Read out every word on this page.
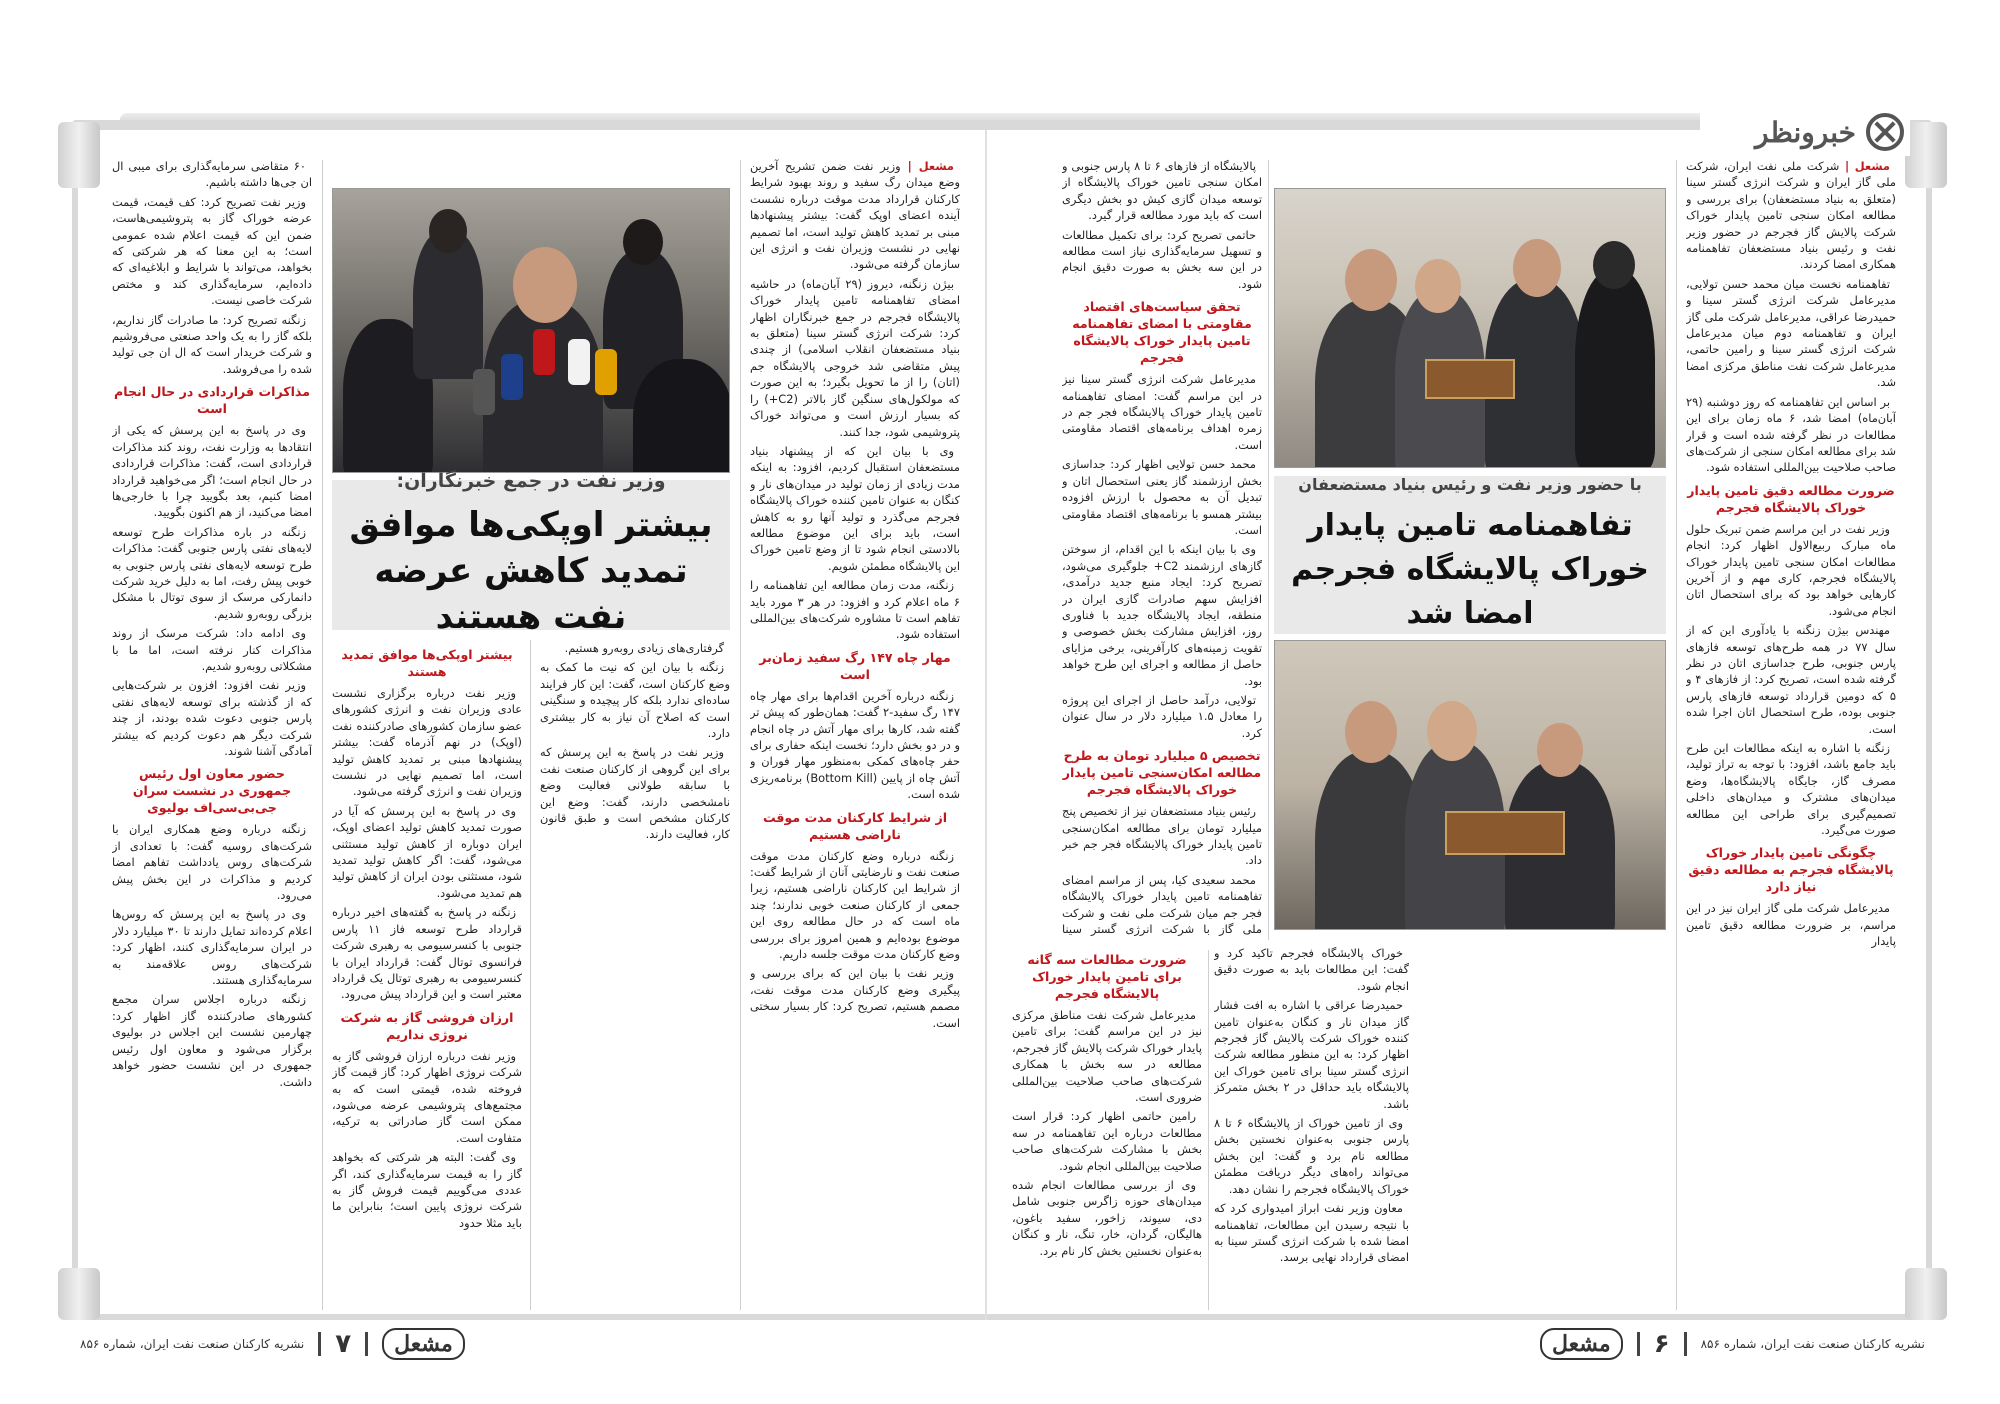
خبرونظر

۶۰ متقاضی سرمایه‌گذاری برای میبی ال ان جی‌ها داشته باشیم.

وزیر نفت تصریح کرد: کف قیمت، قیمت عرضه خوراک گاز به پتروشیمی‌هاست، ضمن این که قیمت اعلام شده عمومی است؛ به این معنا که هر شرکتی که بخواهد، می‌تواند با شرایط و ابلاغیه‌ای که داده‌ایم، سرمایه‌گذاری کند و مختص شرکت خاصی نیست.

زنگنه تصریح کرد: ما صادرات گاز نداریم، بلکه گاز را به یک واحد صنعتی می‌فروشیم و شرکت خریدار است که ال ان جی تولید شده را می‌فروشد.

مذاکرات قراردادی در حال انجام است

وی در پاسخ به این پرسش که یکی از انتقادها به وزارت نفت، روند کند مذاکرات قراردادی است، گفت: مذاکرات قراردادی در حال انجام است؛ اگر می‌خواهید قرارداد امضا کنیم، بعد بگویید چرا با خارجی‌ها امضا می‌کنید، از هم اکنون بگویید.

زنگنه در باره مذاکرات طرح توسعه لایه‌های نفتی پارس جنوبی گفت: مذاکرات طرح توسعه لایه‌های نفتی پارس جنوبی به خوبی پیش رفت، اما به دلیل خرید شرکت دانمارکی مرسک از سوی توتال با مشکل بزرگی روبه‌رو شدیم.

وی ادامه داد: شرکت مرسک از روند مذاکرات کنار نرفته است، اما ما با مشکلاتی روبه‌رو شدیم.

وزیر نفت افزود: افزون بر شرکت‌هایی که از گذشته برای توسعه لایه‌های نفتی پارس جنوبی دعوت شده بودند، از چند شرکت دیگر هم دعوت کردیم که بیشتر آمادگی آشنا شوند.

حضور معاون اول رئیس جمهوری در نشست سران جی‌بی‌سی‌اف بولیوی

زنگنه درباره وضع همکاری ایران با شرکت‌های روسیه گفت: با تعدادی از شرکت‌های روس یادداشت تفاهم امضا کردیم و مذاکرات در این بخش پیش می‌رود.

وی در پاسخ به این پرسش که روس‌ها اعلام کرده‌اند تمایل دارند تا ۳۰ میلیارد دلار در ایران سرمایه‌گذاری کنند، اظهار کرد: شرکت‌های روس علاقه‌مند به سرمایه‌گذاری هستند.

زنگنه درباره اجلاس سران مجمع کشورهای صادرکننده گاز اظهار کرد: چهارمین نشست این اجلاس در بولیوی برگزار می‌شود و معاون اول رئیس جمهوری در این نشست حضور خواهد داشت.

وزیر نفت در جمع خبرنگاران:
بیشتر اوپکی‌ها موافق تمدید کاهش عرضه نفت هستند
بیشتر اوپکی‌ها موافق تمدید هستند

وزیر نفت درباره برگزاری نشست عادی وزیران نفت و انرژی کشورهای عضو سازمان کشورهای صادرکننده نفت (اوپک) در نهم آذرماه گفت: بیشتر پیشنهادها مبنی بر تمدید کاهش تولید است، اما تصمیم نهایی در نشست وزیران نفت و انرژی گرفته می‌شود.

وی در پاسخ به این پرسش که آیا در صورت تمدید کاهش تولید اعضای اوپک، ایران دوباره از کاهش تولید مستثنی می‌شود، گفت: اگر کاهش تولید تمدید شود، مستثنی بودن ایران از کاهش تولید هم تمدید می‌شود.

زنگنه در پاسخ به گفته‌های اخیر درباره قرارداد طرح توسعه فاز ۱۱ پارس جنوبی با کنسرسیومی به رهبری شرکت فرانسوی توتال گفت: قرارداد ایران با کنسرسیومی به رهبری توتال یک قرارداد معتبر است و این قرارداد پیش می‌رود.

ارزان فروشی گاز به شرکت نروژی نداریم

وزیر نفت درباره ارزان فروشی گاز به شرکت نروژی اظهار کرد: گاز قیمت گاز فروخته شده، قیمتی است که به مجتمع‌های پتروشیمی عرضه می‌شود، ممکن است گاز صادراتی به ترکیه، متفاوت است.

وی گفت: البته هر شرکتی که بخواهد گاز را به قیمت سرمایه‌گذاری کند، اگر عددی می‌گوییم قیمت فروش گاز به شرکت نروژی پایین است؛ بنابراین ما باید مثلا حدود

گرفتاری‌های زیادی روبه‌رو هستیم.

زنگنه با بیان این که نیت ما کمک به وضع کارکنان است، گفت: این کار فرایند ساده‌ای ندارد بلکه کار پیچیده و سنگینی است که اصلاح آن نیاز به کار بیشتری دارد.

وزیر نفت در پاسخ به این پرسش که برای این گروهی از کارکنان صنعت نفت با سابقه طولانی فعالیت وضع نامشخصی دارند، گفت: وضع این کارکنان مشخص است و طبق قانون کار، فعالیت دارند.

مشعل | وزیر نفت ضمن تشریح آخرین وضع میدان رگ سفید و روند بهبود شرایط کارکنان قرارداد مدت موقت درباره نشست آینده اعضای اوپک گفت: بیشتر پیشنهادها مبنی بر تمدید کاهش تولید است، اما تصمیم نهایی در نشست وزیران نفت و انرژی این سازمان گرفته می‌شود.

بیژن زنگنه، دیروز (۲۹ آبان‌ماه) در حاشیه امضای تفاهمنامه تامین پایدار خوراک پالایشگاه فجرجم در جمع خبرنگاران اظهار کرد: شرکت انرژی گستر سینا (متعلق به بنیاد مستضعفان انقلاب اسلامی) از چندی پیش متقاضی شد خروجی پالایشگاه جم (اتان) را از ما تحویل بگیرد؛ به این صورت که مولکول‌های سنگین گاز بالاتر (C2+) را که بسیار ارزش است و می‌تواند خوراک پتروشیمی شود، جدا کنند.

وی با بیان این که از پیشنهاد بنیاد مستضعفان استقبال کردیم، افزود: به اینکه مدت زیادی از زمان تولید در میدان‌های نار و کنگان به عنوان تامین کننده خوراک پالایشگاه فجرجم می‌گذرد و تولید آنها رو به کاهش است، باید برای این موضوع مطالعه بالادستی انجام شود تا از وضع تامین خوراک این پالایشگاه مطمئن شویم.

زنگنه، مدت زمان مطالعه این تفاهمنامه را ۶ ماه اعلام کرد و افزود: در هر ۳ مورد باید تفاهم است تا مشاوره شرکت‌های بین‌المللی استفاده شود.

مهار چاه ۱۴۷ رگ سفید زمان‌بر است

زنگنه درباره آخرین اقدام‌ها برای مهار چاه ۱۴۷ رگ سفید-۲ گفت: همان‌طور که پیش تر گفته شد، کارها برای مهار آتش در چاه انجام و در دو بخش دارد؛ نخست اینکه حفاری برای حفر چاه‌های کمکی به‌منظور مهار فوران و آتش چاه از پایین (Bottom Kill) برنامه‌ریزی شده است.

از شرایط کارکنان مدت موقت ناراضی هستیم

زنگنه درباره وضع کارکنان مدت موقت صنعت نفت و نارضایتی آنان از شرایط گفت: از شرایط این کارکنان ناراضی هستیم، زیرا جمعی از کارکنان صنعت خوبی ندارند؛ چند ماه است که در حال مطالعه روی این موضوع بوده‌ایم و همین امروز برای بررسی وضع کارکنان مدت موقت جلسه داریم.

وزیر نفت با بیان این که برای بررسی و پیگیری وضع کارکنان مدت موقت نفت، مصمم هستیم، تصریح کرد: کار بسیار سختی است.

ضرورت مطالعات سه گانه برای تامین پایدار خوراک پالایشگاه فجرجم

مدیرعامل شرکت نفت مناطق مرکزی نیز در این مراسم گفت: برای تامین پایدار خوراک شرکت پالایش گاز فجرجم، مطالعه در سه بخش با همکاری شرکت‌های صاحب صلاحیت بین‌المللی ضروری است.

رامین حاتمی اظهار کرد: قرار است مطالعات درباره این تفاهمنامه در سه بخش با مشارکت شرکت‌های صاحب صلاحیت بین‌المللی انجام شود.

وی از بررسی مطالعات انجام شده میدان‌های حوزه زاگرس جنوبی شامل دی، سیوند، زاخور، سفید باغون، هالیگان، گردان، خار، تنگ، نار و کنگان به‌عنوان نخستین بخش کار نام برد.

خوراک پالایشگاه فجرجم تاکید کرد و گفت: این مطالعات باید به صورت دقیق انجام شود.

حمیدرضا عراقی با اشاره به افت فشار گاز میدان نار و کنگان به‌عنوان تامین کننده خوراک شرکت پالایش گاز فجرجم اظهار کرد: به این منظور مطالعه شرکت انرژی گستر سینا برای تامین خوراک این پالایشگاه باید حداقل در ۲ بخش متمرکز باشد.

وی از تامین خوراک از پالایشگاه ۶ تا ۸ پارس جنوبی به‌عنوان نخستین بخش مطالعه نام برد و گفت: این بخش می‌تواند راه‌های دیگر دریافت مطمئن خوراک پالایشگاه فجرجم را نشان دهد.

معاون وزیر نفت ابراز امیدواری کرد که با نتیجه رسیدن این مطالعات، تفاهمنامه امضا شده با شرکت انرژی گستر سینا به امضای قرارداد نهایی برسد.

با حضور وزیر نفت و رئیس بنیاد مستضعفان
تفاهمنامه تامین پایدار خوراک پالایشگاه فجرجم امضا شد

پالایشگاه از فازهای ۶ تا ۸ پارس جنوبی و امکان سنجی تامین خوراک پالایشگاه از توسعه میدان گازی کیش دو بخش دیگری است که باید مورد مطالعه قرار گیرد.

حاتمی تصریح کرد: برای تکمیل مطالعات و تسهیل سرمایه‌گذاری نیاز است مطالعه در این سه بخش به صورت دقیق انجام شود.

تحقق سیاست‌های اقتصاد مقاومتی با امضای تفاهمنامه تامین پایدار خوراک پالایشگاه فجرجم

مدیرعامل شرکت انرژی گستر سینا نیز در این مراسم گفت: امضای تفاهمنامه تامین پایدار خوراک پالایشگاه فجر جم در زمره اهداف برنامه‌های اقتصاد مقاومتی است.

محمد حسن تولایی اظهار کرد: جداسازی بخش ارزشمند گاز یعنی استحصال اتان و تبدیل آن به محصول با ارزش افزوده بیشتر همسو با برنامه‌های اقتصاد مقاومتی است.

وی با بیان اینکه با این اقدام، از سوختن گازهای ارزشمند C2+ جلوگیری می‌شود، تصریح کرد: ایجاد منبع جدید درآمدی، افزایش سهم صادرات گازی ایران در منطقه، ایجاد پالایشگاه جدید با فناوری روز، افزایش مشارکت بخش خصوصی و تقویت زمینه‌های کارآفرینی، برخی مزایای حاصل از مطالعه و اجرای این طرح خواهد بود.

تولایی، درآمد حاصل از اجرای این پروژه را معادل ۱.۵ میلیارد دلار در سال عنوان کرد.

تخصیص ۵ میلیارد تومان به طرح مطالعه امکان‌سنجی تامین پایدار خوراک پالایشگاه فجرجم

رئیس بنیاد مستضعفان نیز از تخصیص پنج میلیارد تومان برای مطالعه امکان‌سنجی تامین پایدار خوراک پالایشگاه فجر جم خبر داد.

محمد سعیدی کیا، پس از مراسم امضای تفاهمنامه تامین پایدار خوراک پالایشگاه فجر جم میان شرکت ملی نفت و شرکت ملی گاز با شرکت انرژی گستر سینا

مشعل | شرکت ملی نفت ایران، شرکت ملی گاز ایران و شرکت انرژی گستر سینا (متعلق به بنیاد مستضعفان) برای بررسی و مطالعه امکان سنجی تامین پایدار خوراک شرکت پالایش گاز فجرجم در حضور وزیر نفت و رئیس بنیاد مستضعفان تفاهمنامه همکاری امضا کردند.

تفاهمنامه نخست میان محمد حسن تولایی، مدیرعامل شرکت انرژی گستر سینا و حمیدرضا عراقی، مدیرعامل شرکت ملی گاز ایران و تفاهمنامه دوم میان مدیرعامل شرکت انرژی گستر سینا و رامین حاتمی، مدیرعامل شرکت نفت مناطق مرکزی امضا شد.

بر اساس این تفاهمنامه که روز دوشنبه (۲۹ آبان‌ماه) امضا شد، ۶ ماه زمان برای این مطالعات در نظر گرفته شده است و قرار شد برای مطالعه امکان سنجی از شرکت‌های صاحب صلاحیت بین‌المللی استفاده شود.

ضرورت مطالعه دقیق تامین پایدار خوراک پالایشگاه فجرجم

وزیر نفت در این مراسم ضمن تبریک حلول ماه مبارک ربیع‌الاول اظهار کرد: انجام مطالعات امکان سنجی تامین پایدار خوراک پالایشگاه فجرجم، کاری مهم و از آخرین کارهایی خواهد بود که برای استحصال اتان انجام می‌شود.

مهندس بیژن زنگنه با یادآوری این که از سال ۷۷ در همه طرح‌های توسعه فازهای پارس جنوبی، طرح جداسازی اتان در نظر گرفته شده است، تصریح کرد: از فازهای ۴ و ۵ که دومین قرارداد توسعه فازهای پارس جنوبی بوده، طرح استحصال اتان اجرا شده است.

زنگنه با اشاره به اینکه مطالعات این طرح باید جامع باشد، افزود: با توجه به تراز تولید، مصرف گاز، جایگاه پالایشگاه‌ها، وضع میدان‌های مشترک و میدان‌های داخلی تصمیم‌گیری برای طراحی این مطالعه صورت می‌گیرد.

چگونگی تامین پایدار خوراک پالایشگاه فجرجم به مطالعه دقیق نیاز دارد

مدیرعامل شرکت ملی گاز ایران نیز در این مراسم، بر ضرورت مطالعه دقیق تامین پایدار

مشعل
۷
نشریه کارکنان صنعت نفت ایران، شماره ۸۵۶	مشعل	۶	نشریه کارکنان صنعت نفت ایران، شماره ۸۵۶
